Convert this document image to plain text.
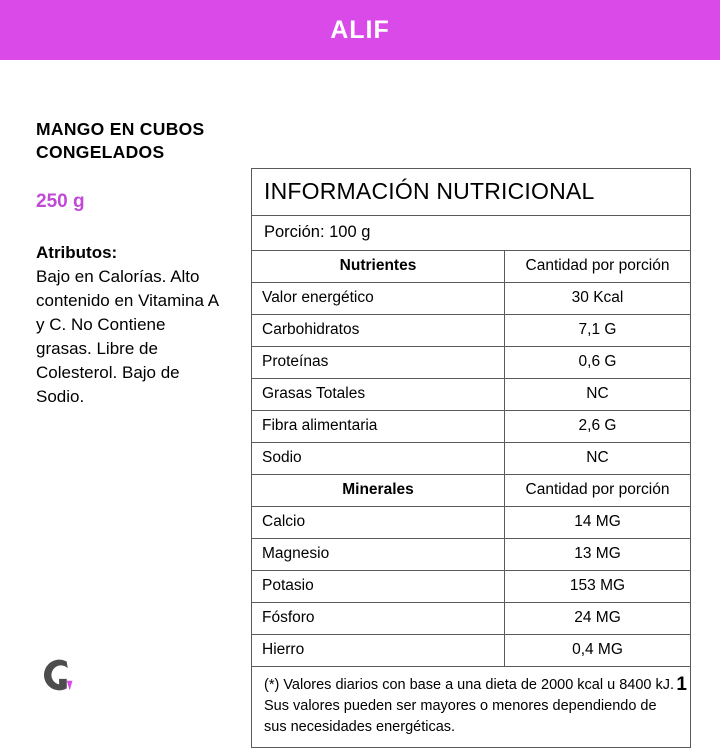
ALIF
MANGO EN CUBOS CONGELADOS
250 g
Atributos:
Bajo en Calorías. Alto contenido en Vitamina A y C. No Contiene grasas. Libre de Colesterol. Bajo de Sodio.
INFORMACIÓN NUTRICIONAL
Porción: 100 g
Nutrientes	Cantidad por porción
Valor energético	30 Kcal
Carbohidratos	7,1 G
Proteínas	0,6 G
Grasas Totales	NC
Fibra alimentaria	2,6 G
Sodio	NC
Minerales	Cantidad por porción
Calcio	14 MG
Magnesio	13 MG
Potasio	153 MG
Fósforo	24 MG
Hierro	0,4 MG
(*) Valores diarios con base a una dieta de 2000 kcal u 8400 kJ. Sus valores pueden ser mayores o menores dependiendo de sus necesidades energéticas.
1
